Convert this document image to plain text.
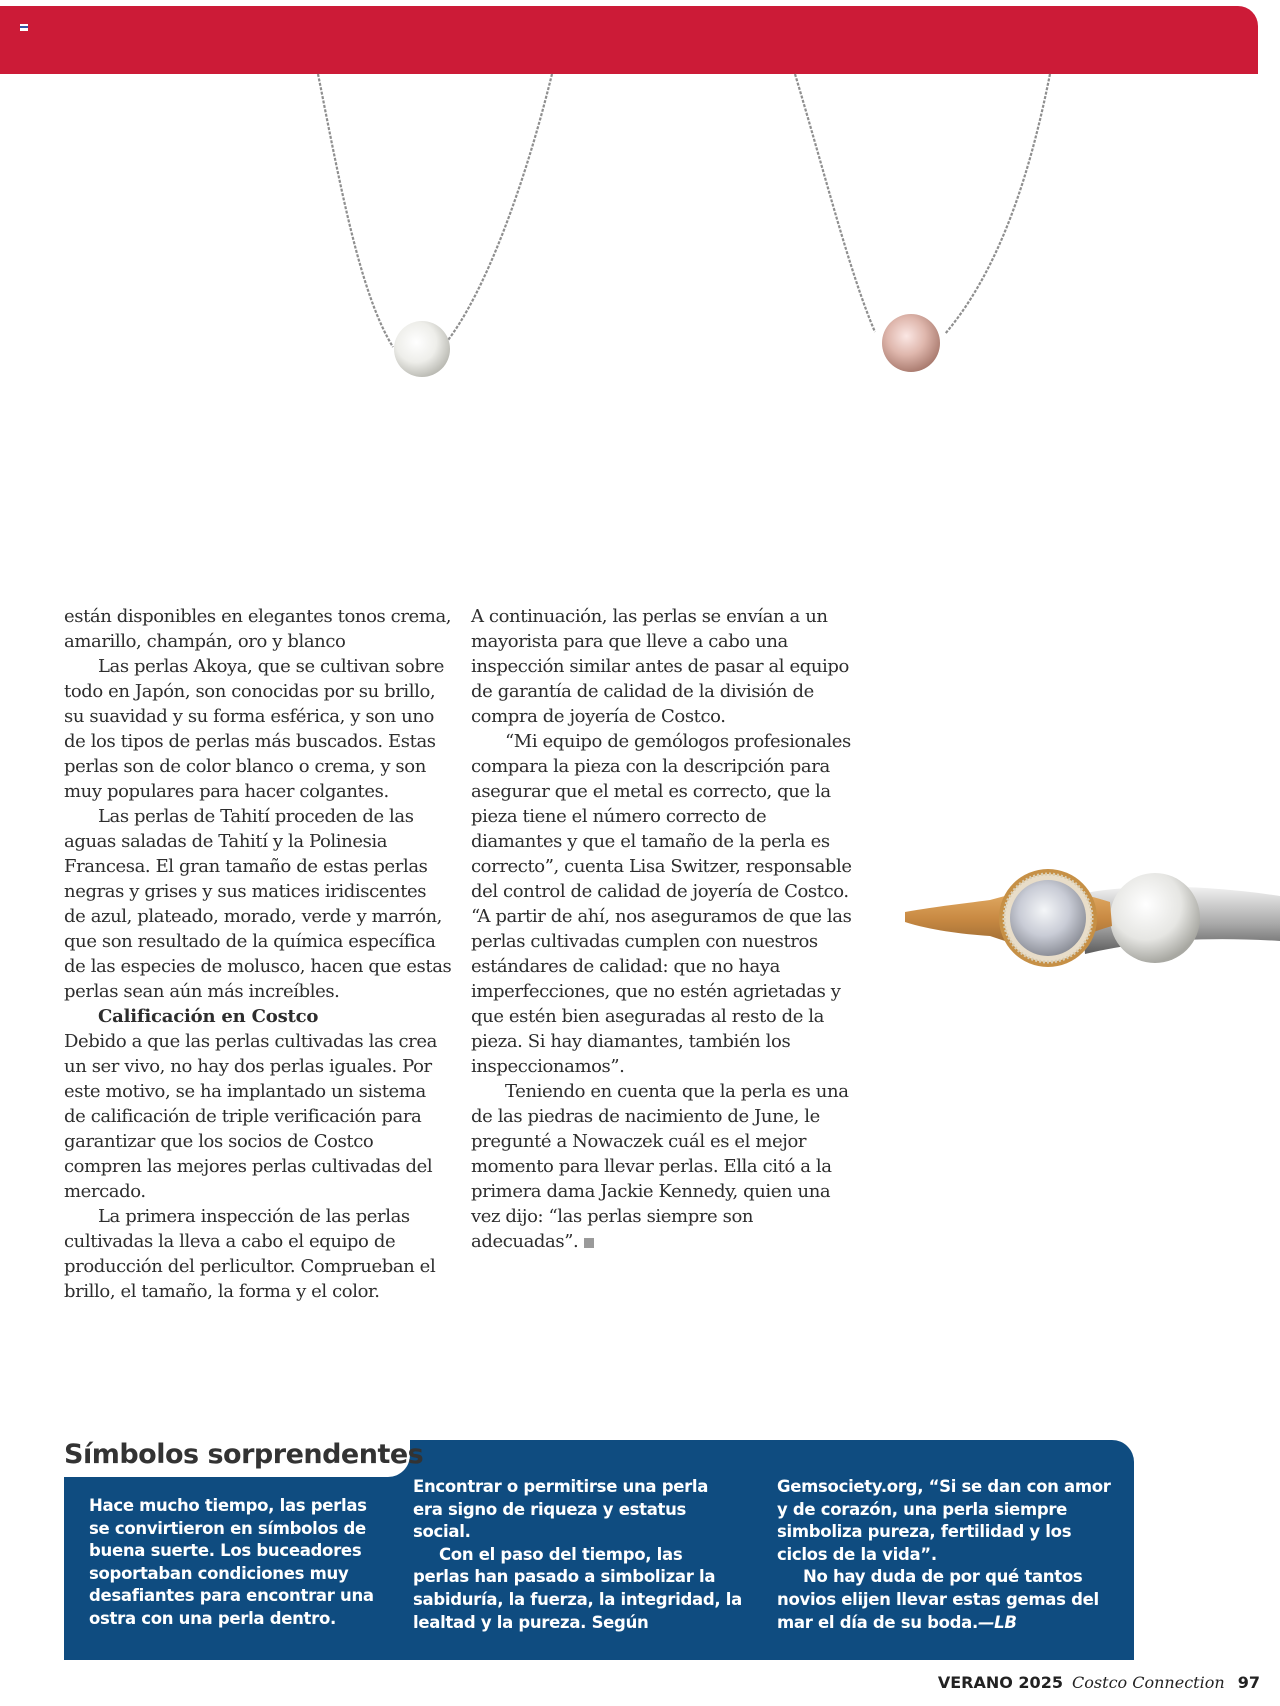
están disponibles en elegantes tonos crema, amarillo, champán, oro y blanco

Las perlas Akoya, que se cultivan sobre todo en Japón, son conocidas por su brillo, su suavidad y su forma esférica, y son uno de los tipos de perlas más buscados. Estas perlas son de color blanco o crema, y son muy populares para hacer colgantes.

Las perlas de Tahití proceden de las aguas saladas de Tahití y la Polinesia Francesa. El gran tamaño de estas perlas negras y grises y sus matices iridiscentes de azul, plateado, morado, verde y marrón, que son resultado de la química específica de las especies de molusco, hacen que estas perlas sean aún más increíbles.

Calificación en Costco

Debido a que las perlas cultivadas las crea un ser vivo, no hay dos perlas iguales. Por este motivo, se ha implantado un sistema de calificación de triple verificación para garantizar que los socios de Costco compren las mejores perlas cultivadas del mercado.

La primera inspección de las perlas cultivadas la lleva a cabo el equipo de producción del perlicultor. Comprueban el brillo, el tamaño, la forma y el color.

A continuación, las perlas se envían a un mayorista para que lleve a cabo una inspección similar antes de pasar al equipo de garantía de calidad de la división de compra de joyería de Costco.

“Mi equipo de gemólogos profesionales compara la pieza con la descripción para asegurar que el metal es correcto, que la pieza tiene el número correcto de diamantes y que el tamaño de la perla es correcto”, cuenta Lisa Switzer, responsable del control de calidad de joyería de Costco. “A partir de ahí, nos aseguramos de que las perlas cultivadas cumplen con nuestros estándares de calidad: que no haya imperfecciones, que no estén agrietadas y que estén bien aseguradas al resto de la pieza. Si hay diamantes, también los inspeccionamos”.

Teniendo en cuenta que la perla es una de las piedras de nacimiento de June, le pregunté a Nowaczek cuál es el mejor momento para llevar perlas. Ella citó a la primera dama Jackie Kennedy, quien una vez dijo: “las perlas siempre son adecuadas”.

Símbolos sorprendentes

Hace mucho tiempo, las perlas se convirtieron en símbolos de buena suerte. Los buceadores soportaban condiciones muy desafiantes para encontrar una ostra con una perla dentro.

Encontrar o permitirse una perla era signo de riqueza y estatus social.

Con el paso del tiempo, las perlas han pasado a simbolizar la sabiduría, la fuerza, la integridad, la lealtad y la pureza. Según

Gemsociety.org, “Si se dan con amor y de corazón, una perla siempre simboliza pureza, fertilidad y los ciclos de la vida”.

No hay duda de por qué tantos novios elijen llevar estas gemas del mar el día de su boda.—LB

VERANO 2025 Costco Connection 97
